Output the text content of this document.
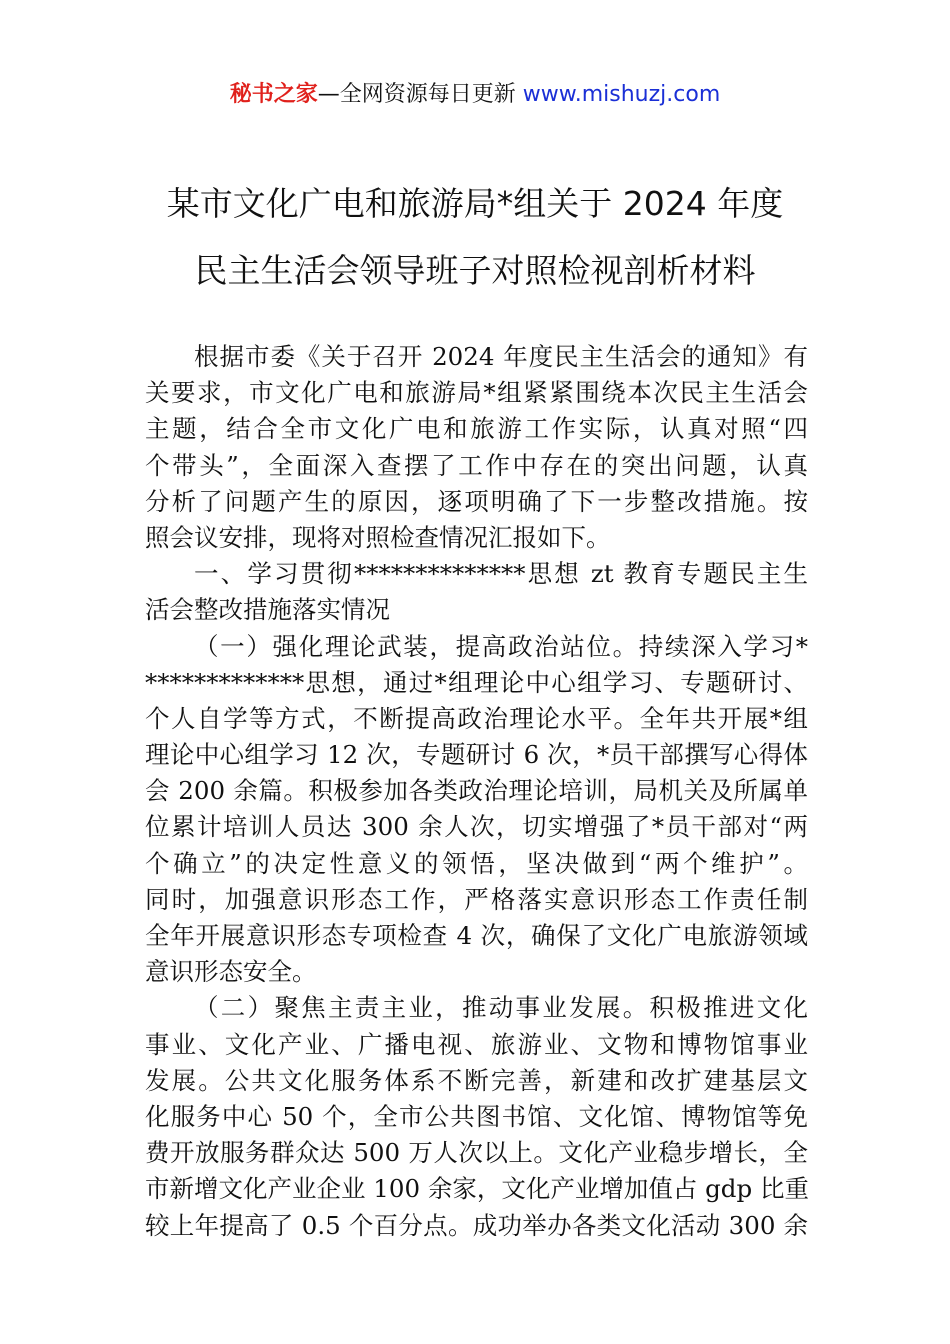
秘书之家—全网资源每日更新 www.mishuzj.com
某市文化广电和旅游局*组关于 2024 年度
民主生活会领导班子对照检视剖析材料
根据市委《关于召开 2024 年度民主生活会的通知》有
关要求，市文化广电和旅游局*组紧紧围绕本次民主生活会
主题，结合全市文化广电和旅游工作实际，认真对照“四
个带头”，全面深入查摆了工作中存在的突出问题，认真
分析了问题产生的原因，逐项明确了下一步整改措施。按
照会议安排，现将对照检查情况汇报如下。
一、学习贯彻**************思想 zt 教育专题民主生
活会整改措施落实情况
（一）强化理论武装，提高政治站位。持续深入学习*
*************思想，通过*组理论中心组学习、专题研讨、
个人自学等方式，不断提高政治理论水平。全年共开展*组
理论中心组学习 12 次，专题研讨 6 次，*员干部撰写心得体
会 200 余篇。积极参加各类政治理论培训，局机关及所属单
位累计培训人员达 300 余人次，切实增强了*员干部对“两
个确立”的决定性意义的领悟，坚决做到“两个维护”。
同时，加强意识形态工作，严格落实意识形态工作责任制
全年开展意识形态专项检查 4 次，确保了文化广电旅游领域
意识形态安全。
（二）聚焦主责主业，推动事业发展。积极推进文化
事业、文化产业、广播电视、旅游业、文物和博物馆事业
发展。公共文化服务体系不断完善，新建和改扩建基层文
化服务中心 50 个，全市公共图书馆、文化馆、博物馆等免
费开放服务群众达 500 万人次以上。文化产业稳步增长，全
市新增文化产业企业 100 余家，文化产业增加值占 gdp 比重
较上年提高了 0.5 个百分点。成功举办各类文化活动 300 余
